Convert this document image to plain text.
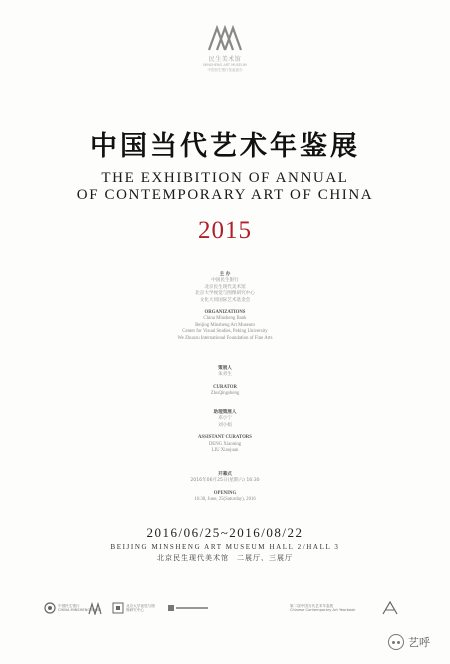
民生美术馆
MINSHENG ART MUSEUM
中国民生银行发起创办
中国当代艺术年鉴展
THE EXHIBITION OF ANNUAL
OF CONTEMPORARY ART OF CHINA
2015
主 办
中国民生银行
北京民生现代美术馆
北京大学视觉与图像研究中心
文化大同国际艺术基金会
ORGANIZATIONS
China Minsheng Bank
Beijing Minsheng Art Museum
Center for Visual Studies, Peking University
We Zhuozu International Foundation of Fine Arts
策展人
朱青生
CURATOR
ZhuQingsheng
助理策展人
邓小宁
刘小娟
ASSISTANT CURATORS
DENG Xiaoning
LIU Xiaojuan
开幕式
2016年06月25日(星期六) 16:30
OPENING
16:30, June, 25(Saturday), 2016
2016/06/25~2016/08/22
BEIJING MINSHENG ART MUSEUM HALL 2/HALL 3
北京民生现代美术馆　二展厅、三展厅
中国民生银行
CHINA MINSHENG BANK
北京大学视觉与图像研究中心
第二届中国当代艺术年鉴展
Chinese Contemporary Art Yearbook
艺呼
